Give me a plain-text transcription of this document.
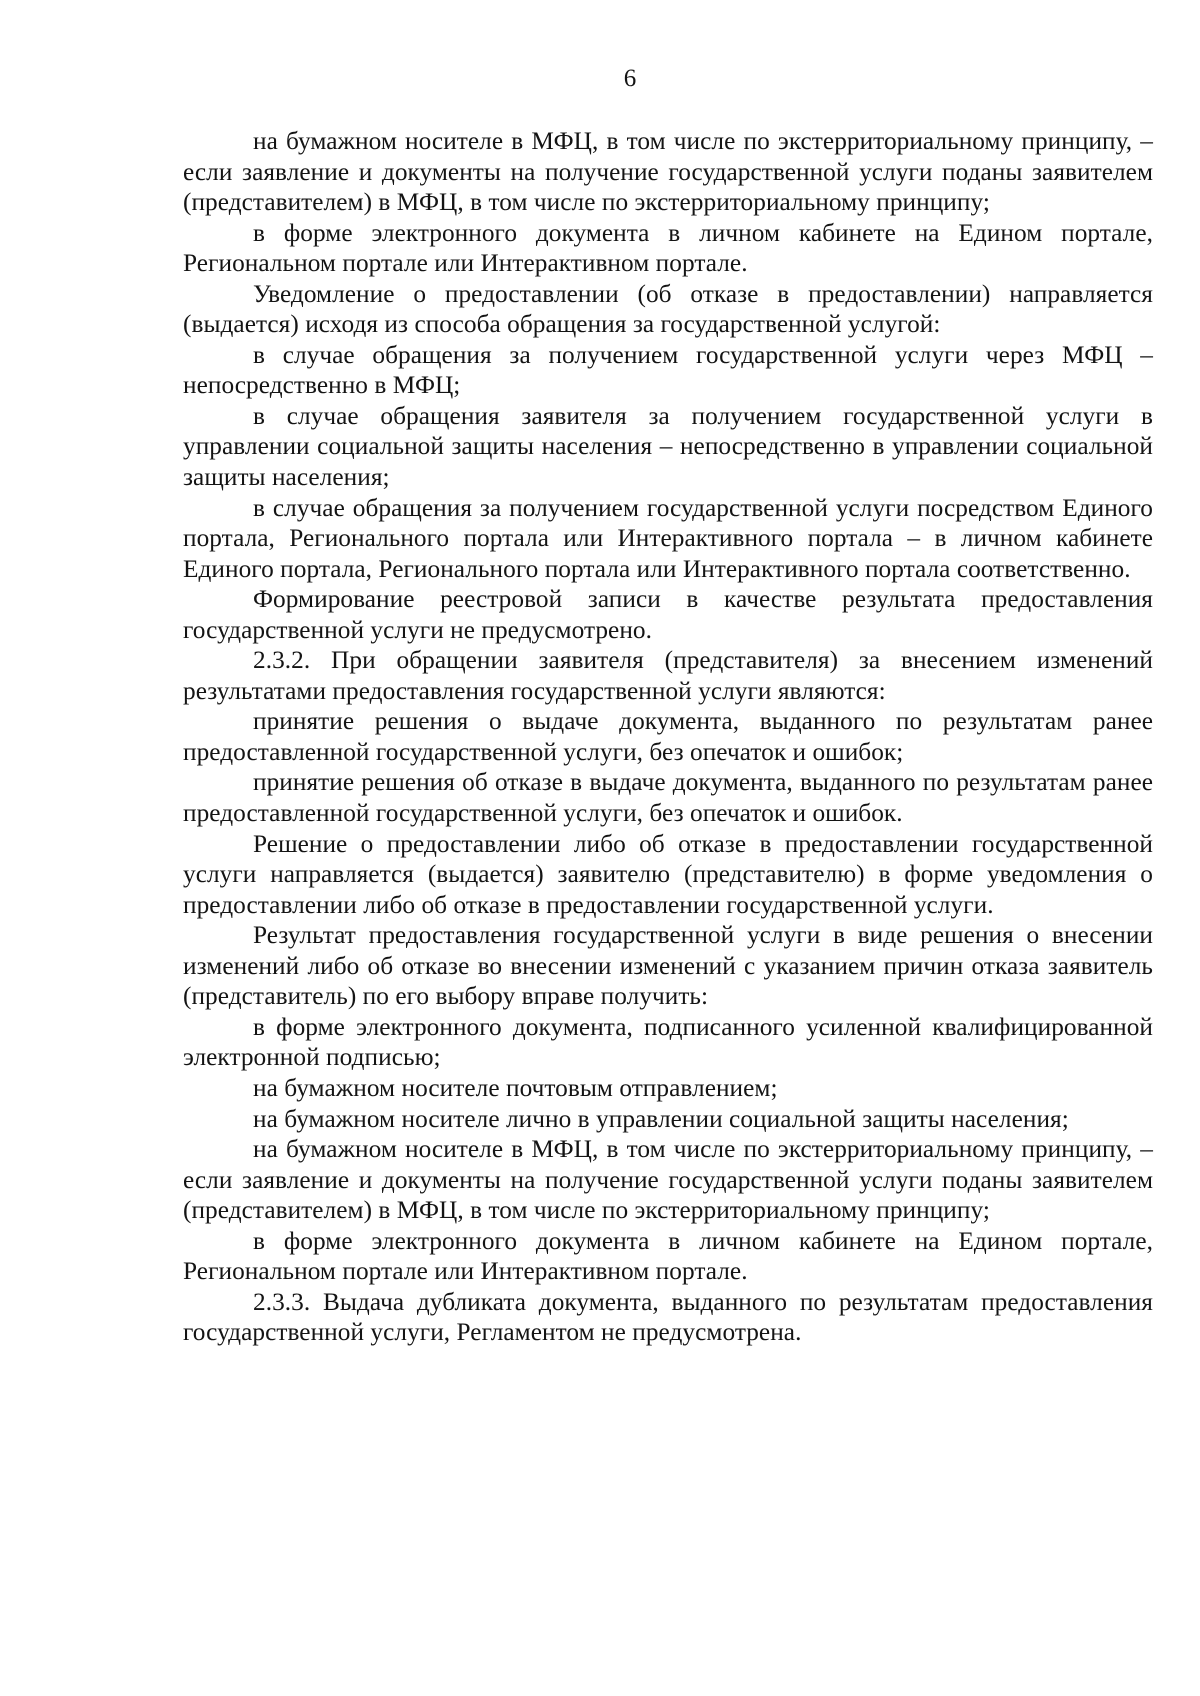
6

на бумажном носителе в МФЦ, в том числе по экстерриториальному принципу, – если заявление и документы на получение государственной услуги поданы заявителем (представителем) в МФЦ, в том числе по экстерриториальному принципу;

в форме электронного документа в личном кабинете на Едином портале, Региональном портале или Интерактивном портале.

Уведомление о предоставлении (об отказе в предоставлении) направляется (выдается) исходя из способа обращения за государственной услугой:

в случае обращения за получением государственной услуги через МФЦ – непосредственно в МФЦ;

в случае обращения заявителя за получением государственной услуги в управлении социальной защиты населения – непосредственно в управлении социальной защиты населения;

в случае обращения за получением государственной услуги посредством Единого портала, Регионального портала или Интерактивного портала – в личном кабинете Единого портала, Регионального портала или Интерактивного портала соответственно.

Формирование реестровой записи в качестве результата предоставления государственной услуги не предусмотрено.

2.3.2. При обращении заявителя (представителя) за внесением изменений результатами предоставления государственной услуги являются:

принятие решения о выдаче документа, выданного по результатам ранее предоставленной государственной услуги, без опечаток и ошибок;

принятие решения об отказе в выдаче документа, выданного по результатам ранее предоставленной государственной услуги, без опечаток и ошибок.

Решение о предоставлении либо об отказе в предоставлении государственной услуги направляется (выдается) заявителю (представителю) в форме уведомления о предоставлении либо об отказе в предоставлении государственной услуги.

Результат предоставления государственной услуги в виде решения о внесении изменений либо об отказе во внесении изменений с указанием причин отказа заявитель (представитель) по его выбору вправе получить:

в форме электронного документа, подписанного усиленной квалифицированной электронной подписью;

на бумажном носителе почтовым отправлением;

на бумажном носителе лично в управлении социальной защиты населения;

на бумажном носителе в МФЦ, в том числе по экстерриториальному принципу, – если заявление и документы на получение государственной услуги поданы заявителем (представителем) в МФЦ, в том числе по экстерриториальному принципу;

в форме электронного документа в личном кабинете на Едином портале, Региональном портале или Интерактивном портале.

2.3.3. Выдача дубликата документа, выданного по результатам предоставления государственной услуги, Регламентом не предусмотрена.
